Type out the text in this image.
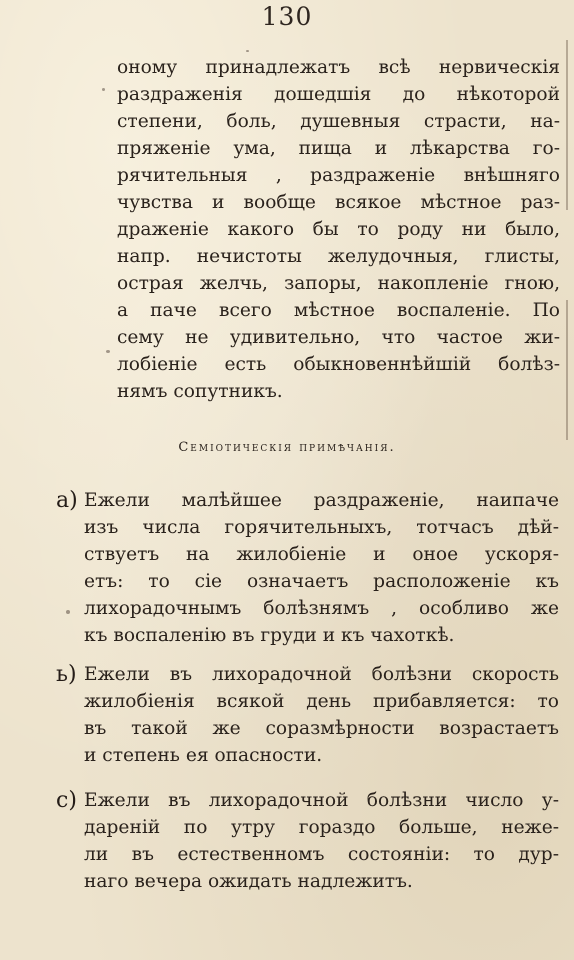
130
оному принадлежатъ всѣ нервическія
раздраженія дошедшія до нѣкоторой
степени, боль, душевныя страсти, на-
пряженіе ума, пища и лѣкарства го-
рячительныя , раздраженіе внѣшняго
чувства и вообще всякое мѣстное раз-
драженіе какого бы то роду ни было,
напр. нечистоты желудочныя, глисты,
острая желчь, запоры, накопленіе гною,
а паче всего мѣстное воспаленіе. По
сему не удивительно, что частое жи-
лобіеніе есть обыкновеннѣйшій болѣз-
нямъ сопутникъ.
Семіотическія примѣчанія.
а) Ежели малѣйшее раздраженіе, наипаче
изъ числа горячительныхъ, тотчасъ дѣй-
ствуетъ на жилобіеніе и оное ускоря-
етъ: то сіе означаетъ расположеніе къ
лихорадочнымъ болѣзнямъ , особливо же
къ воспаленію въ груди и къ чахоткѣ.
ь) Ежели въ лихорадочной болѣзни скорость
жилобіенія всякой день прибавляется: то
въ такой же соразмѣрности возрастаетъ
и степень ея опасности.
с) Ежели въ лихорадочной болѣзни число у-
дареній по утру гораздо больше, неже-
ли въ естественномъ состояніи: то дур-
наго вечера ожидать надлежитъ.
